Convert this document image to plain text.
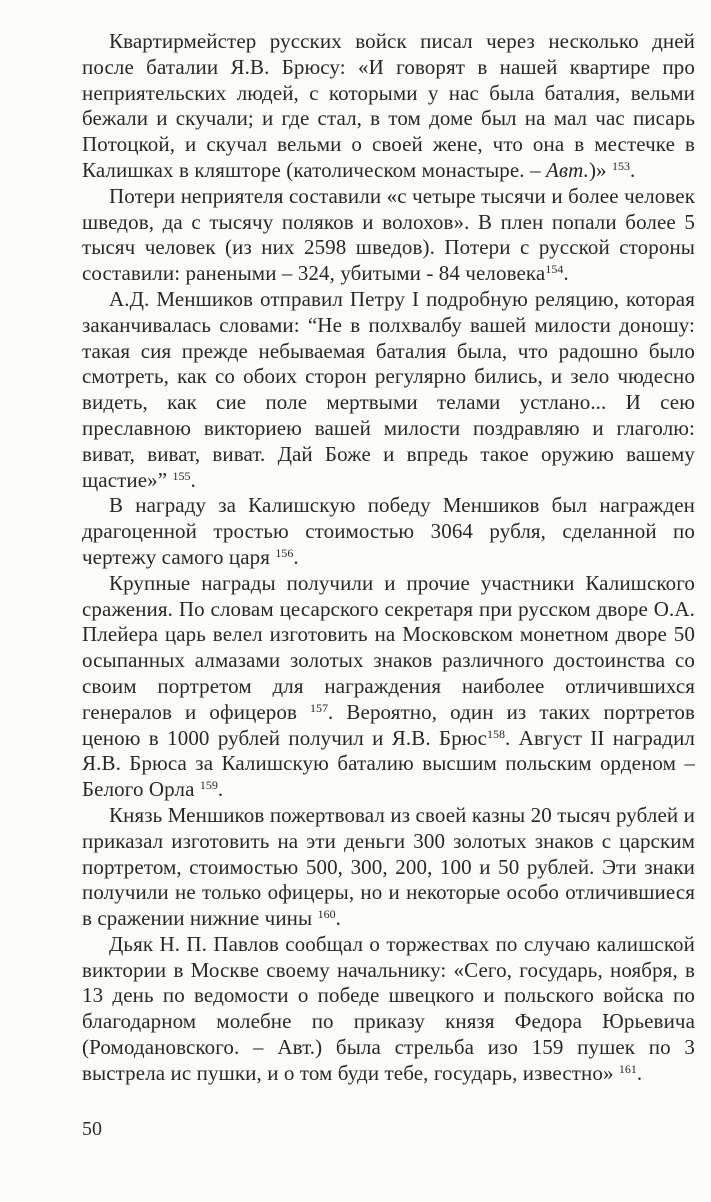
Квартирмейстер русских войск писал через несколько дней после баталии Я.В. Брюсу: «И говорят в нашей квартире про неприятельских людей, с которыми у нас была баталия, вельми бежали и скучали; и где стал, в том доме был на мал час писарь Потоцкой, и скучал вельми о своей жене, что она в местечке в Калишках в кляшторе (католическом монастыре. – Авт.)» $^{153}$.

Потери неприятеля составили «с четыре тысячи и более человек шведов, да с тысячу поляков и волохов». В плен попали более 5 тысяч человек (из них 2598 шведов). Потери с русской стороны составили: ранеными – 324, убитыми - 84 человека$^{154}$.

А.Д. Меншиков отправил Петру I подробную реляцию, которая заканчивалась словами: “Не в полхвалбу вашей милости доношу: такая сия прежде небываемая баталия была, что радошно было смотреть, как со обоих сторон регулярно бились, и зело чюдесно видеть, как сие поле мертвыми телами устлано... И сею преславною викториею вашей милости поздравляю и глаголю: виват, виват, виват. Дай Боже и впредь такое оружию вашему щастие»” $^{155}$.

В награду за Калишскую победу Меншиков был награжден драгоценной тростью стоимостью 3064 рубля, сделанной по чертежу самого царя $^{156}$.

Крупные награды получили и прочие участники Калишского сражения. По словам цесарского секретаря при русском дворе О.А. Плейера царь велел изготовить на Московском монетном дворе 50 осыпанных алмазами золотых знаков различного достоинства со своим портретом для награждения наиболее отличившихся генералов и офицеров $^{157}$. Вероятно, один из таких портретов ценою в 1000 рублей получил и Я.В. Брюс$^{158}$. Август II наградил Я.В. Брюса за Калишскую баталию высшим польским орденом – Белого Орла $^{159}$.

Князь Меншиков пожертвовал из своей казны 20 тысяч рублей и приказал изготовить на эти деньги 300 золотых знаков с царским портретом, стоимостью 500, 300, 200, 100 и 50 рублей. Эти знаки получили не только офицеры, но и некоторые особо отличившиеся в сражении нижние чины $^{160}$.

Дьяк Н. П. Павлов сообщал о торжествах по случаю калишской виктории в Москве своему начальнику: «Сего, государь, ноября, в 13 день по ведомости о победе швецкого и польского войска по благодарном молебне по приказу князя Федора Юрьевича (Ромодановского. – Авт.) была стрельба изо 159 пушек по 3 выстрела ис пушки, и о том буди тебе, государь, известно» $^{161}$.

50
